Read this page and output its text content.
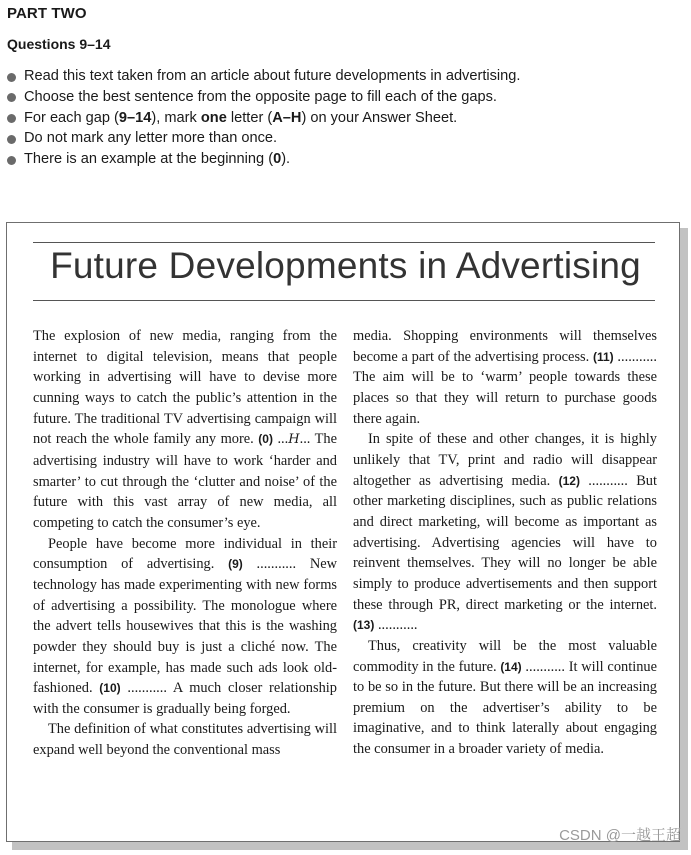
PART TWO
Questions 9–14
Read this text taken from an article about future developments in advertising.
Choose the best sentence from the opposite page to fill each of the gaps.
For each gap (9–14), mark one letter (A–H) on your Answer Sheet.
Do not mark any letter more than once.
There is an example at the beginning (0).
Future Developments in Advertising

The explosion of new media, ranging from the internet to digital television, means that people working in advertising will have to devise more cunning ways to catch the public’s attention in the future. The traditional TV advertising campaign will not reach the whole family any more. (0) ...H... The advertising industry will have to work ‘harder and smarter’ to cut through the ‘clutter and noise’ of the future with this vast array of new media, all competing to catch the consumer’s eye.

People have become more individual in their consumption of advertising. (9) ........... New technology has made experimenting with new forms of advertising a possibility. The monologue where the advert tells housewives that this is the washing powder they should buy is just a cliché now. The internet, for example, has made such ads look old-fashioned. (10) ........... A much closer relationship with the consumer is gradually being forged.

The definition of what constitutes advertising will expand well beyond the conventional mass

media. Shopping environments will themselves become a part of the advertising process. (11) ........... The aim will be to ‘warm’ people towards these places so that they will return to purchase goods there again.

In spite of these and other changes, it is highly unlikely that TV, print and radio will disappear altogether as advertising media. (12) ........... But other marketing disciplines, such as public relations and direct marketing, will become as important as advertising. Advertising agencies will have to reinvent themselves. They will no longer be able simply to produce advertisements and then support these through PR, direct marketing or the internet. (13) ...........

Thus, creativity will be the most valuable commodity in the future. (14) ........... It will continue to be so in the future. But there will be an increasing premium on the advertiser’s ability to be imaginative, and to think laterally about engaging the consumer in a broader variety of media.

CSDN @一越王超
